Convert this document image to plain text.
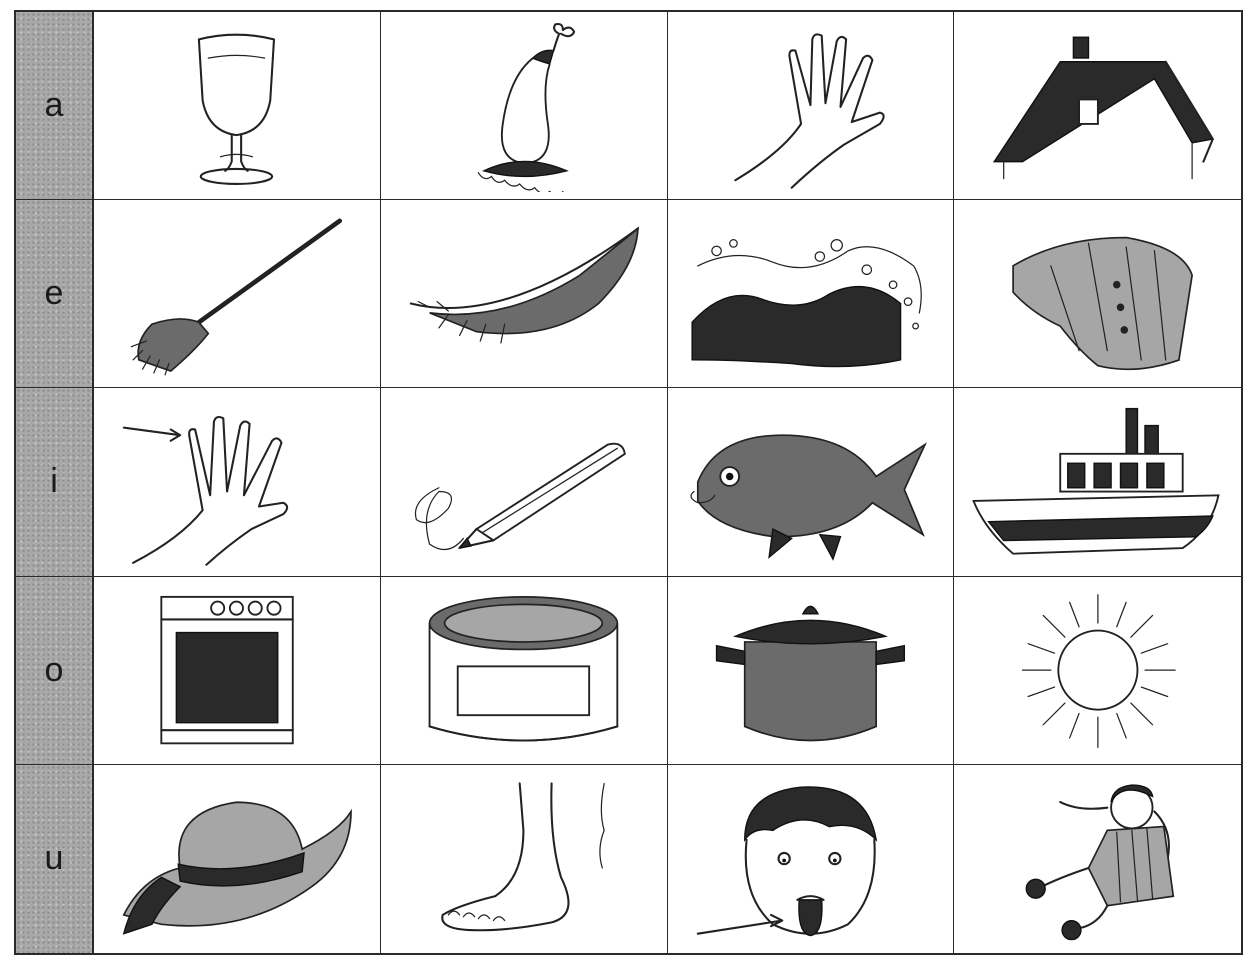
a
e
i
o
u
